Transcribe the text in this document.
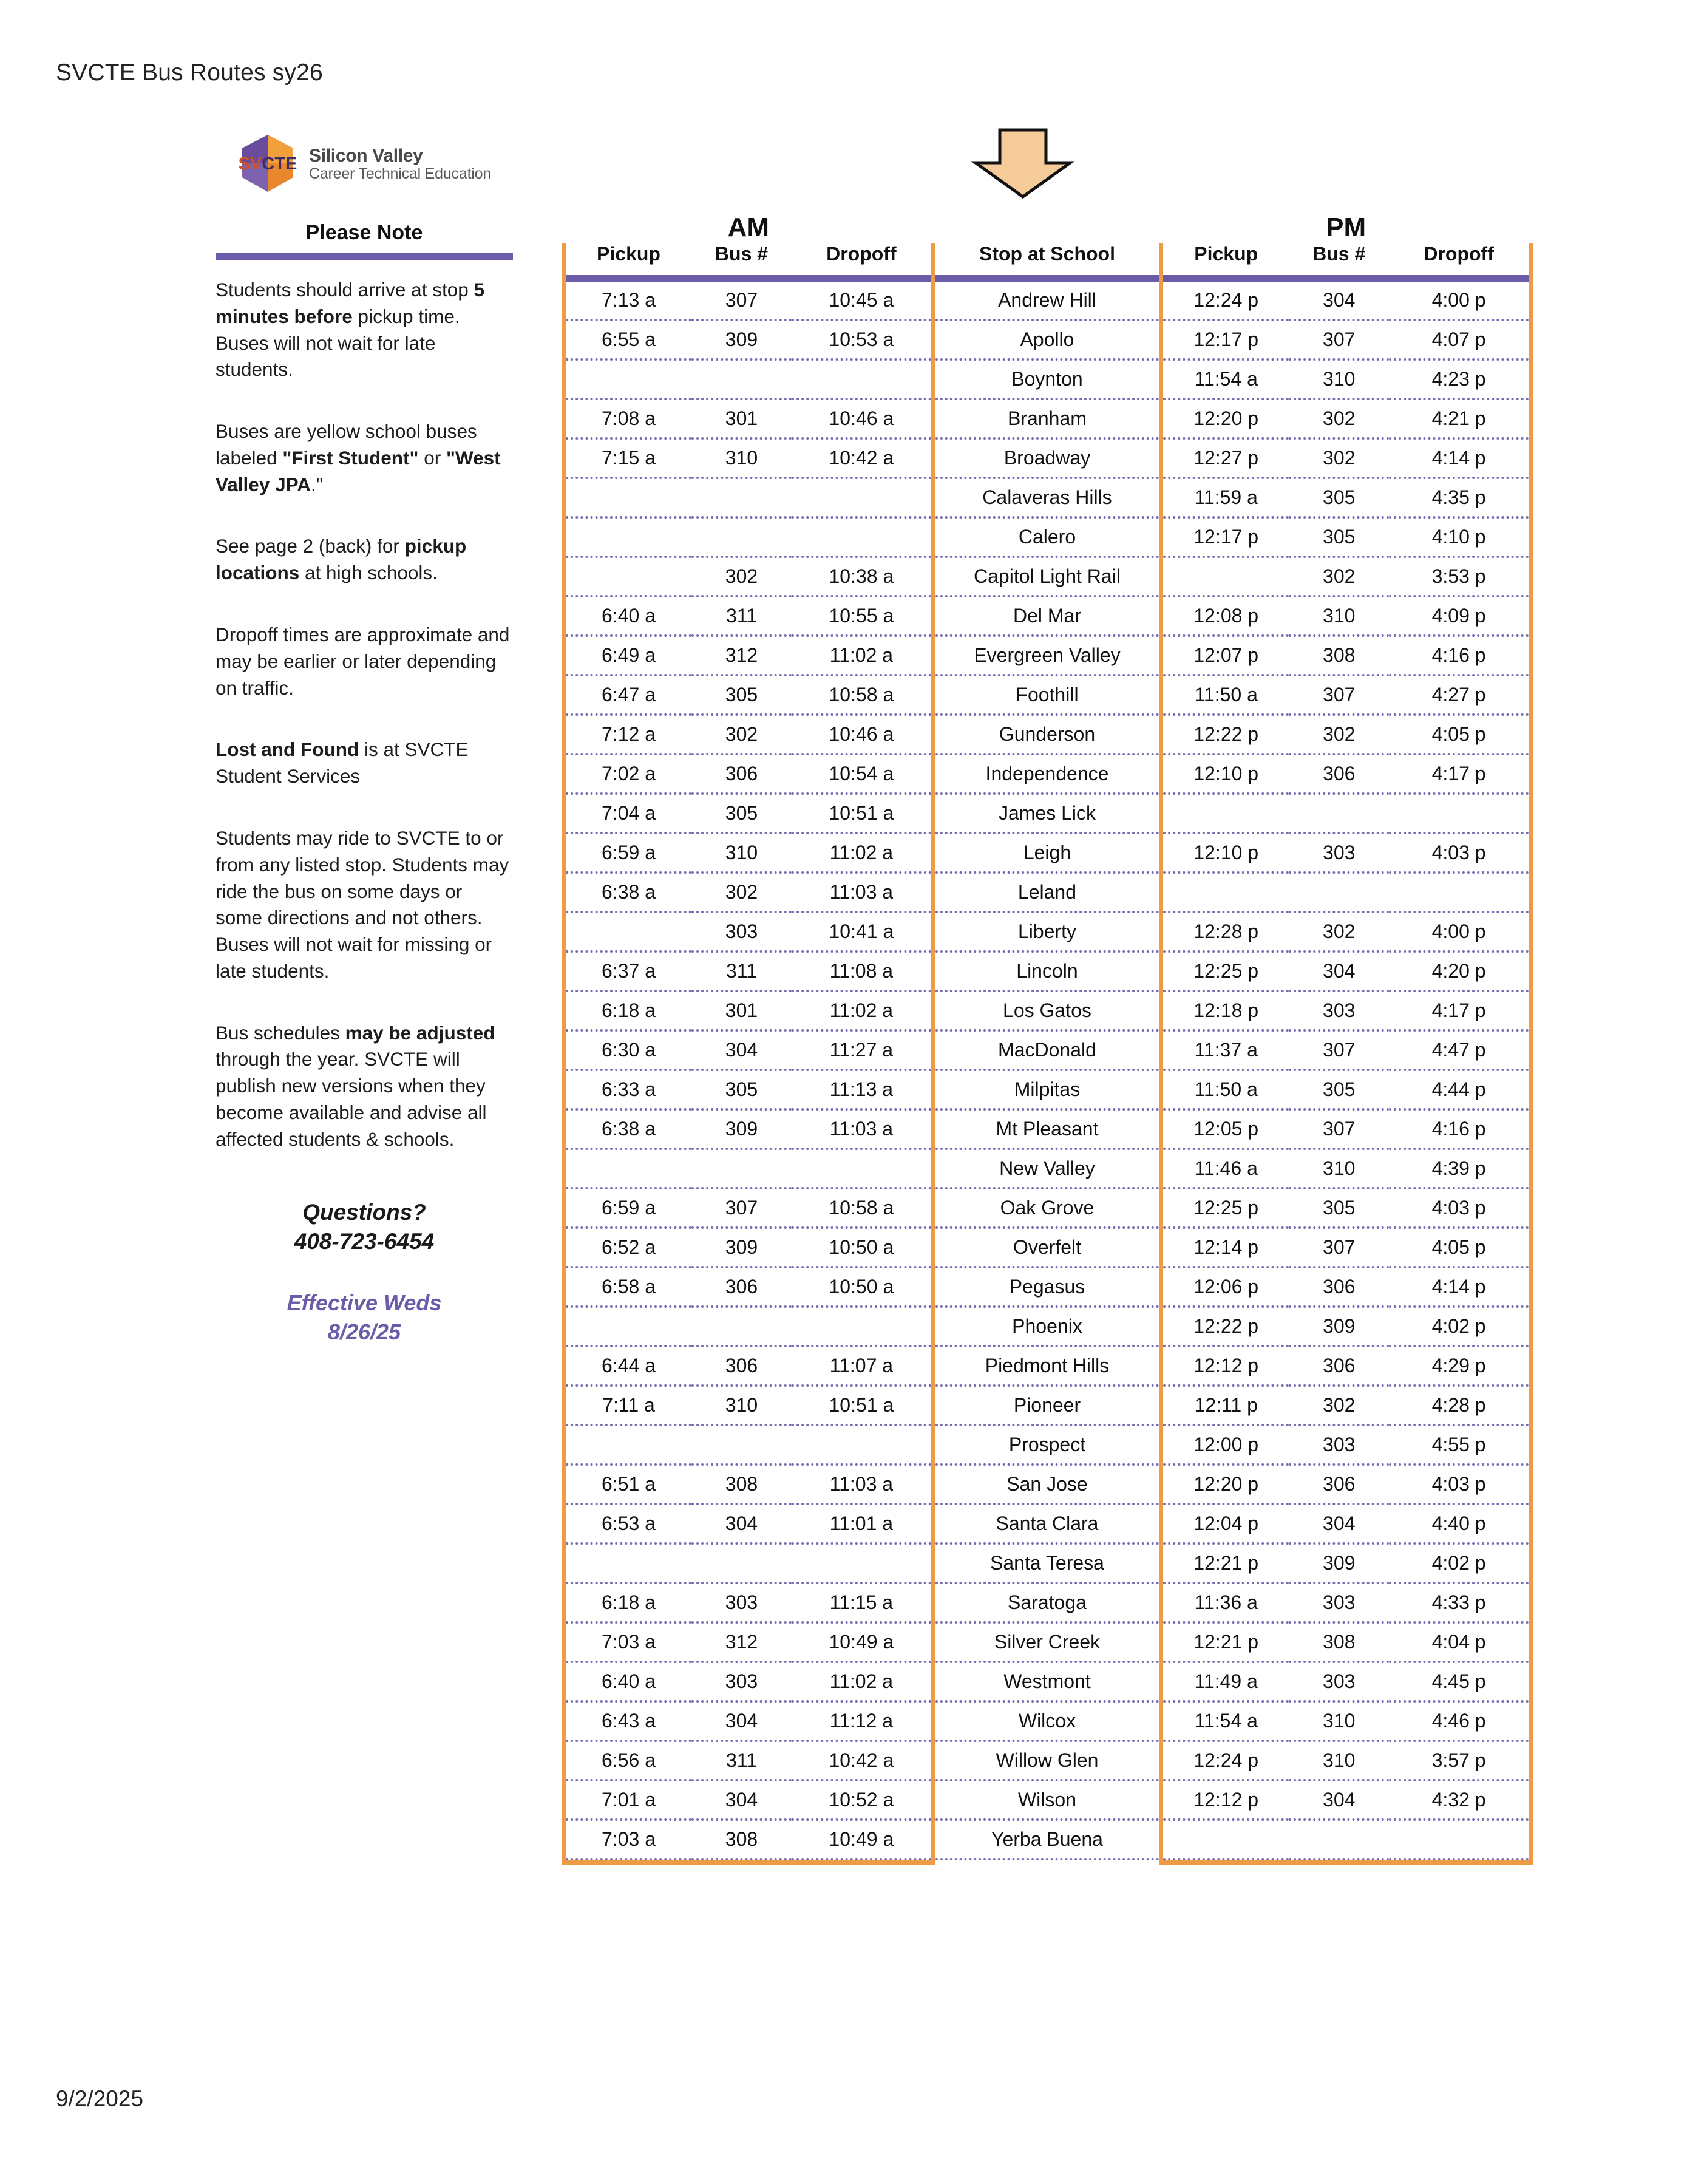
SVCTE Bus Routes sy26
SVCTE Silicon Valley
Career Technical Education
Please Note
Students should arrive at stop 5 minutes before pickup time. Buses will not wait for late students.
Buses are yellow school buses labeled "First Student" or "West Valley JPA."
See page 2 (back) for pickup locations at high schools.
Dropoff times are approximate and may be earlier or later depending on traffic.
Lost and Found is at SVCTE Student Services
Students may ride to SVCTE to or from any listed stop. Students may ride the bus on some days or some directions and not others. Buses will not wait for missing or late students.
Bus schedules may be adjusted through the year. SVCTE will publish new versions when they become available and advise all affected students & schools.
Questions?
408-723-6454
Effective Weds
8/26/25
AM				PM		
Pickup	Bus #	Dropoff	Stop at School	Pickup	Bus #	Dropoff

7:13 a	307	10:45 a	Andrew Hill	12:24 p	304	4:00 p
6:55 a	309	10:53 a	Apollo	12:17 p	307	4:07 p
			Boynton	11:54 a	310	4:23 p
7:08 a	301	10:46 a	Branham	12:20 p	302	4:21 p
7:15 a	310	10:42 a	Broadway	12:27 p	302	4:14 p
			Calaveras Hills	11:59 a	305	4:35 p
			Calero	12:17 p	305	4:10 p
	302	10:38 a	Capitol Light Rail		302	3:53 p
6:40 a	311	10:55 a	Del Mar	12:08 p	310	4:09 p
6:49 a	312	11:02 a	Evergreen Valley	12:07 p	308	4:16 p
6:47 a	305	10:58 a	Foothill	11:50 a	307	4:27 p
7:12 a	302	10:46 a	Gunderson	12:22 p	302	4:05 p
7:02 a	306	10:54 a	Independence	12:10 p	306	4:17 p
7:04 a	305	10:51 a	James Lick			
6:59 a	310	11:02 a	Leigh	12:10 p	303	4:03 p
6:38 a	302	11:03 a	Leland			
	303	10:41 a	Liberty	12:28 p	302	4:00 p
6:37 a	311	11:08 a	Lincoln	12:25 p	304	4:20 p
6:18 a	301	11:02 a	Los Gatos	12:18 p	303	4:17 p
6:30 a	304	11:27 a	MacDonald	11:37 a	307	4:47 p
6:33 a	305	11:13 a	Milpitas	11:50 a	305	4:44 p
6:38 a	309	11:03 a	Mt Pleasant	12:05 p	307	4:16 p
			New Valley	11:46 a	310	4:39 p
6:59 a	307	10:58 a	Oak Grove	12:25 p	305	4:03 p
6:52 a	309	10:50 a	Overfelt	12:14 p	307	4:05 p
6:58 a	306	10:50 a	Pegasus	12:06 p	306	4:14 p
			Phoenix	12:22 p	309	4:02 p
6:44 a	306	11:07 a	Piedmont Hills	12:12 p	306	4:29 p
7:11 a	310	10:51 a	Pioneer	12:11 p	302	4:28 p
			Prospect	12:00 p	303	4:55 p
6:51 a	308	11:03 a	San Jose	12:20 p	306	4:03 p
6:53 a	304	11:01 a	Santa Clara	12:04 p	304	4:40 p
			Santa Teresa	12:21 p	309	4:02 p
6:18 a	303	11:15 a	Saratoga	11:36 a	303	4:33 p
7:03 a	312	10:49 a	Silver Creek	12:21 p	308	4:04 p
6:40 a	303	11:02 a	Westmont	11:49 a	303	4:45 p
6:43 a	304	11:12 a	Wilcox	11:54 a	310	4:46 p
6:56 a	311	10:42 a	Willow Glen	12:24 p	310	3:57 p
7:01 a	304	10:52 a	Wilson	12:12 p	304	4:32 p
7:03 a	308	10:49 a	Yerba Buena			

9/2/2025
